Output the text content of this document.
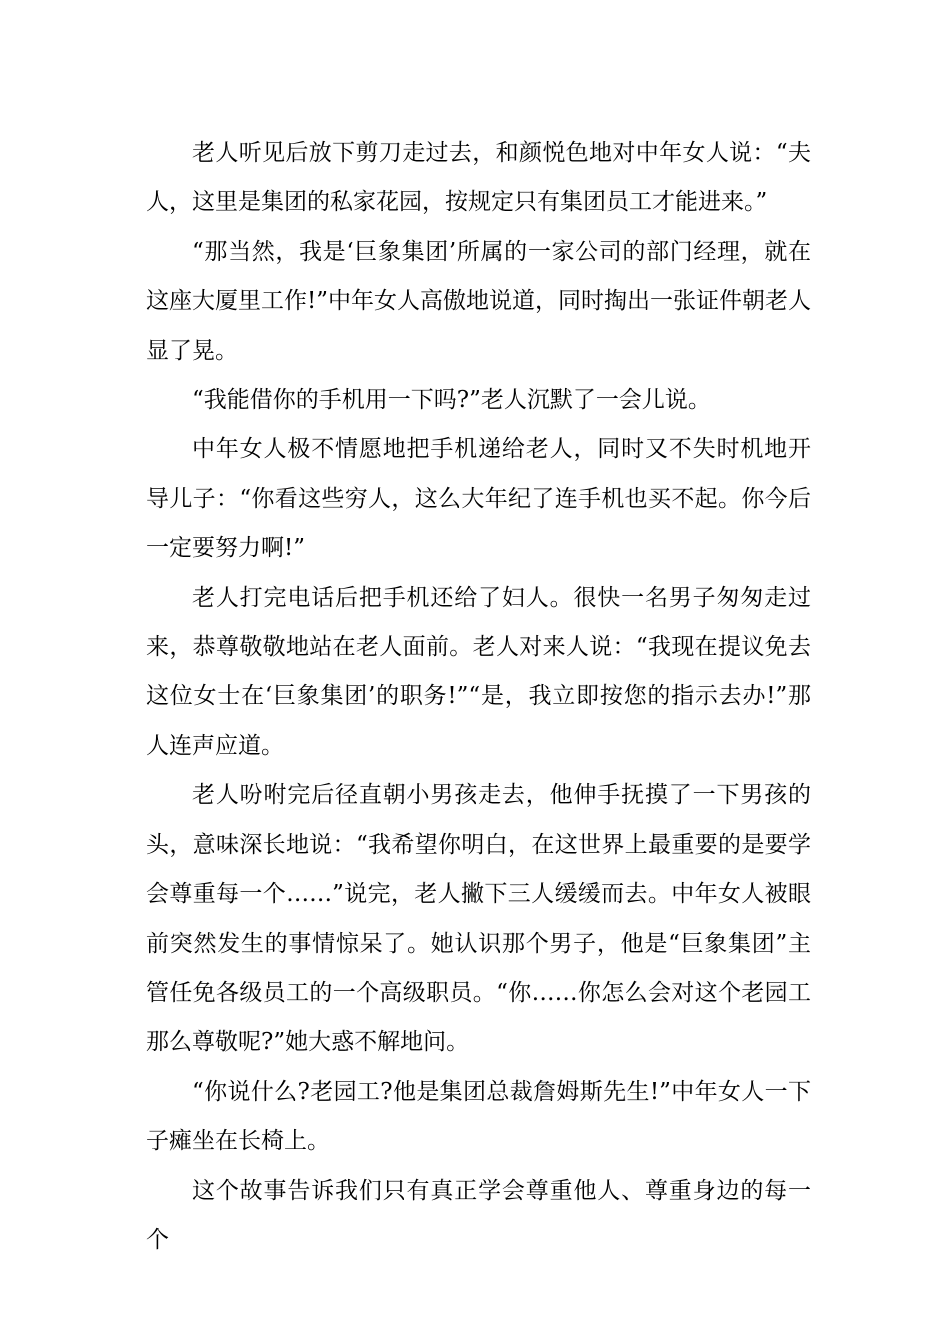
老人听见后放下剪刀走过去，和颜悦色地对中年女人说：“夫人，这里是集团的私家花园，按规定只有集团员工才能进来。”

“那当然，我是‘巨象集团’所属的一家公司的部门经理，就在这座大厦里工作!”中年女人高傲地说道，同时掏出一张证件朝老人显了晃。

“我能借你的手机用一下吗?”老人沉默了一会儿说。

中年女人极不情愿地把手机递给老人，同时又不失时机地开导儿子：“你看这些穷人，这么大年纪了连手机也买不起。你今后一定要努力啊!”

老人打完电话后把手机还给了妇人。很快一名男子匆匆走过来，恭尊敬敬地站在老人面前。老人对来人说：“我现在提议免去这位女士在‘巨象集团’的职务!”“是，我立即按您的指示去办!”那人连声应道。

老人吩咐完后径直朝小男孩走去，他伸手抚摸了一下男孩的头，意味深长地说：“我希望你明白，在这世界上最重要的是要学会尊重每一个……”说完，老人撇下三人缓缓而去。中年女人被眼前突然发生的事情惊呆了。她认识那个男子，他是“巨象集团”主管任免各级员工的一个高级职员。“你……你怎么会对这个老园工那么尊敬呢?”她大惑不解地问。

“你说什么?老园工?他是集团总裁詹姆斯先生!”中年女人一下子瘫坐在长椅上。

这个故事告诉我们只有真正学会尊重他人、尊重身边的每一个
